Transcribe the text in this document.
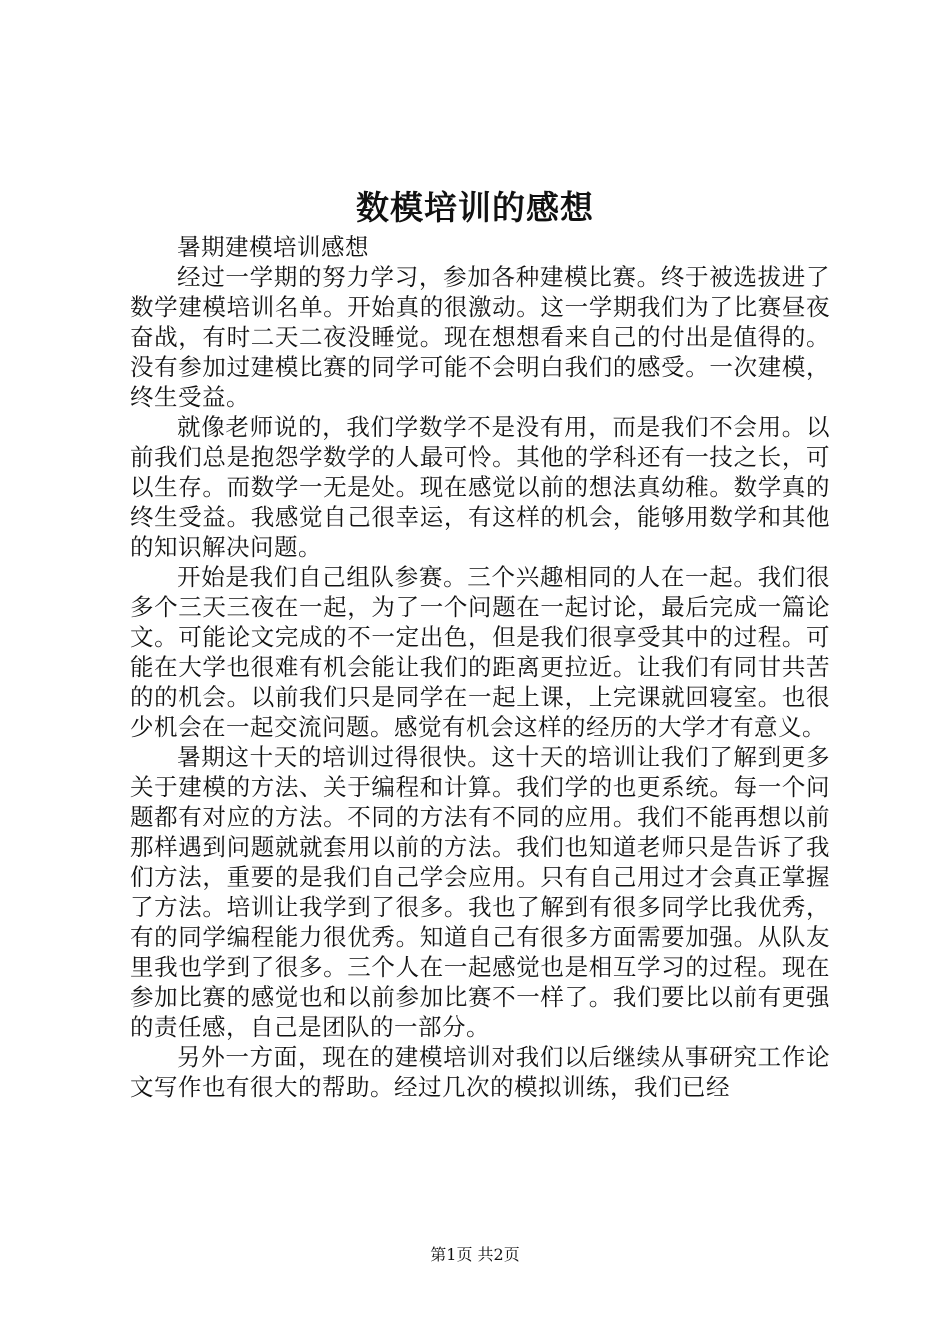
数模培训的感想

暑期建模培训感想

经过一学期的努力学习，参加各种建模比赛。终于被选拔进了数学建模培训名单。开始真的很激动。这一学期我们为了比赛昼夜奋战，有时二天二夜没睡觉。现在想想看来自己的付出是值得的。没有参加过建模比赛的同学可能不会明白我们的感受。一次建模，终生受益。

就像老师说的，我们学数学不是没有用，而是我们不会用。以前我们总是抱怨学数学的人最可怜。其他的学科还有一技之长，可以生存。而数学一无是处。现在感觉以前的想法真幼稚。数学真的终生受益。我感觉自己很幸运，有这样的机会，能够用数学和其他的知识解决问题。

开始是我们自己组队参赛。三个兴趣相同的人在一起。我们很多个三天三夜在一起，为了一个问题在一起讨论，最后完成一篇论文。可能论文完成的不一定出色，但是我们很享受其中的过程。可能在大学也很难有机会能让我们的距离更拉近。让我们有同甘共苦的的机会。以前我们只是同学在一起上课，上完课就回寝室。也很少机会在一起交流问题。感觉有机会这样的经历的大学才有意义。

暑期这十天的培训过得很快。这十天的培训让我们了解到更多关于建模的方法、关于编程和计算。我们学的也更系统。每一个问题都有对应的方法。不同的方法有不同的应用。我们不能再想以前那样遇到问题就就套用以前的方法。我们也知道老师只是告诉了我们方法，重要的是我们自己学会应用。只有自己用过才会真正掌握了方法。培训让我学到了很多。我也了解到有很多同学比我优秀，有的同学编程能力很优秀。知道自己有很多方面需要加强。从队友里我也学到了很多。三个人在一起感觉也是相互学习的过程。现在参加比赛的感觉也和以前参加比赛不一样了。我们要比以前有更强的责任感，自己是团队的一部分。

另外一方面，现在的建模培训对我们以后继续从事研究工作论文写作也有很大的帮助。经过几次的模拟训练，我们已经

第1页 共2页
